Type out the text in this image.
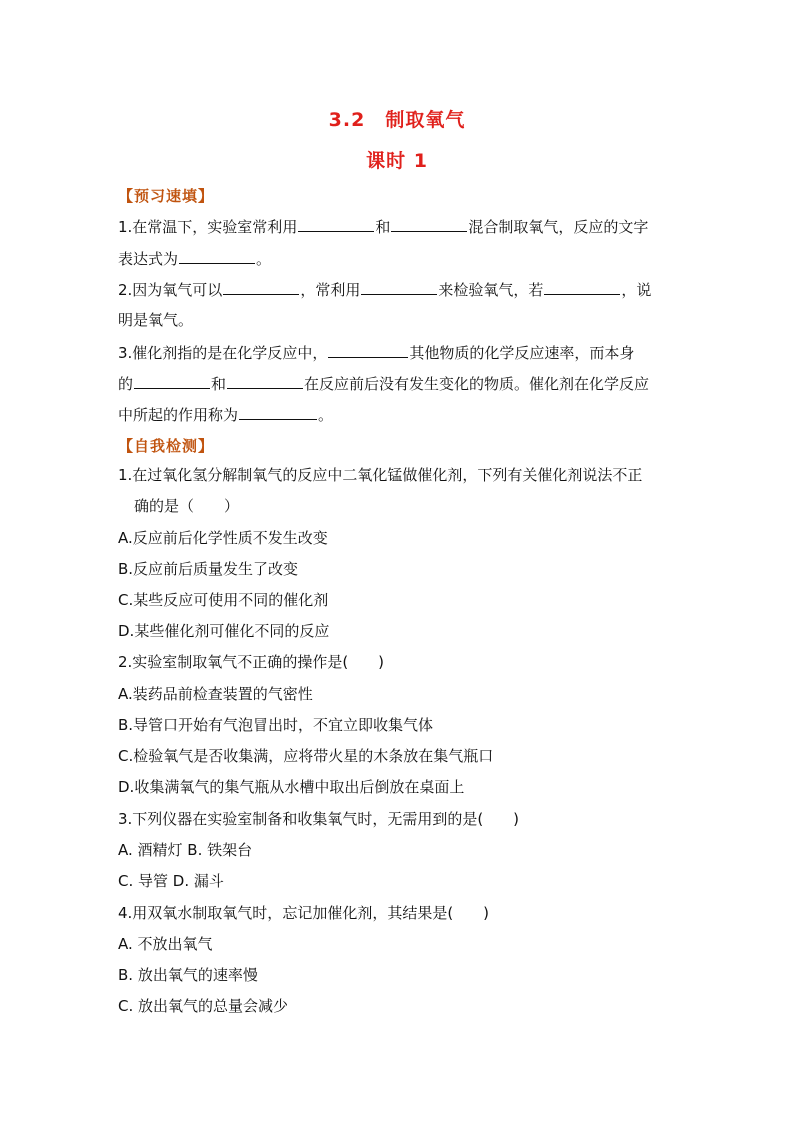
3.2　制取氧气
课时 1
【预习速填】
1.在常温下，实验室常利用	和	混合制取氧气，反应的文字
表达式为	。
2.因为氧气可以	，常利用	来检验氧气，若	，说
明是氧气。
3.催化剂指的是在化学反应中，	其他物质的化学反应速率，而本身
的	和	在反应前后没有发生变化的物质。催化剂在化学反应
中所起的作用称为	。
【自我检测】
1.在过氧化氢分解制氧气的反应中二氧化锰做催化剂，下列有关催化剂说法不正
确的是（　　）
A.反应前后化学性质不发生改变
B.反应前后质量发生了改变
C.某些反应可使用不同的催化剂
D.某些催化剂可催化不同的反应
2.实验室制取氧气不正确的操作是(　　)
A.装药品前检查装置的气密性
B.导管口开始有气泡冒出时，不宜立即收集气体
C.检验氧气是否收集满，应将带火星的木条放在集气瓶口
D.收集满氧气的集气瓶从水槽中取出后倒放在桌面上
3.下列仪器在实验室制备和收集氧气时，无需用到的是(　　)
A. 酒精灯 B. 铁架台
C. 导管 D. 漏斗
4.用双氧水制取氧气时，忘记加催化剂，其结果是(　　)
A. 不放出氧气
B. 放出氧气的速率慢
C. 放出氧气的总量会减少
